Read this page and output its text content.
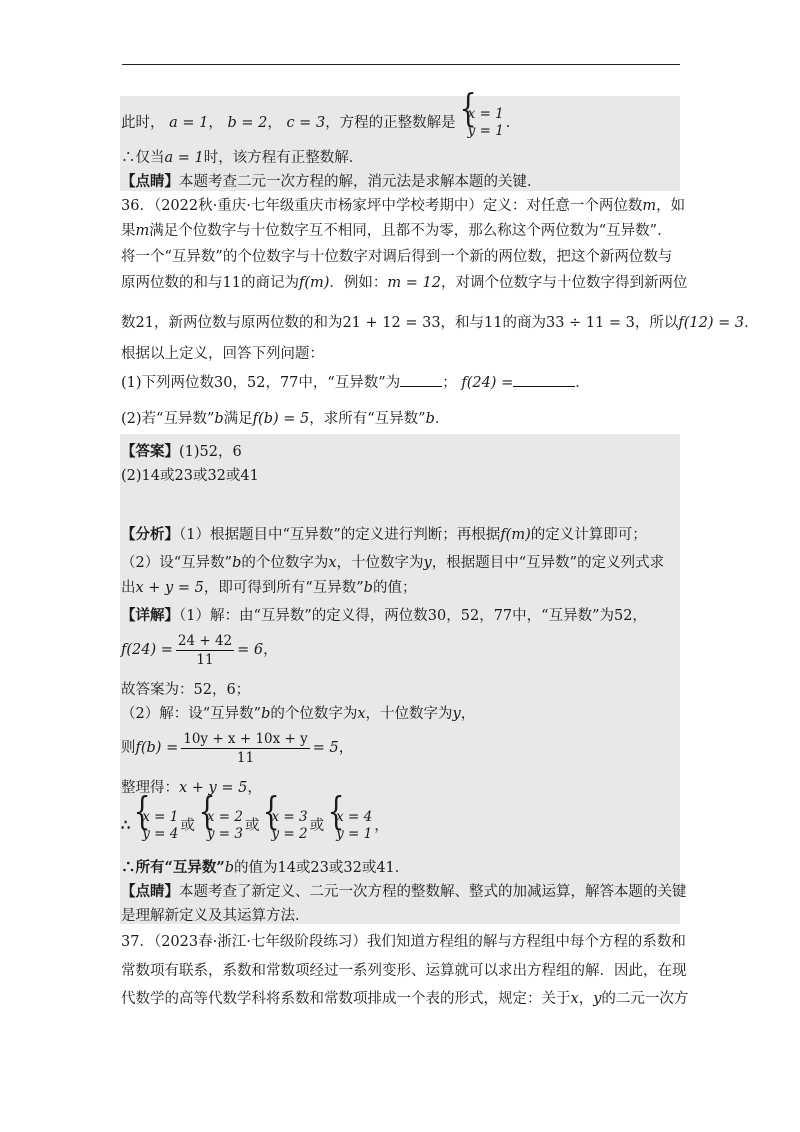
此时， a = 1， b = 2， c = 3，方程的正整数解是
{ x = 1
y = 1 .
∴仅当a = 1时，该方程有正整数解．
【点睛】本题考查二元一次方程的解，消元法是求解本题的关键．
36．（2022秋·重庆·七年级重庆市杨家坪中学校考期中）定义：对任意一个两位数m，如
果m满足个位数字与十位数字互不相同，且都不为零，那么称这个两位数为“互异数”．
将一个“互异数”的个位数字与十位数字对调后得到一个新的两位数，把这个新两位数与
原两位数的和与11的商记为f(m)．例如：m = 12，对调个位数字与十位数字得到新两位
数21，新两位数与原两位数的和为21 + 12 = 33，和与11的商为33 ÷ 11 = 3，所以f(12) = 3．
根据以上定义，回答下列问题：
(1)下列两位数30，52，77中，“互异数”为	； f(24) =	．
(2)若“互异数”b满足f(b) = 5，求所有“互异数”b．
【答案】(1)52，6
(2)14或23或32或41
【分析】（1）根据题目中“互异数”的定义进行判断；再根据f(m)的定义计算即可；
（2）设“互异数”b的个位数字为x，十位数字为y，根据题目中“互异数”的定义列式求
出x + y = 5，即可得到所有“互异数”b的值；
【详解】（1）解：由“互异数”的定义得，两位数30，52，77中，“互异数”为52，
$f(24) = \frac{24 + 42}{11} = 6$，
故答案为：52，6；
（2）解：设“互异数”b的个位数字为x，十位数字为y，
则$f(b) = \frac{10y + x + 10x + y}{11} = 5$，
整理得：x + y = 5，
∴
{ x = 1
y = 4 或
{ x = 2
y = 3 或
{ x = 3
y = 2 或
{ x = 4
y = 1 ，
∴所有“互异数”b的值为14或23或32或41．
【点睛】本题考查了新定义、二元一次方程的整数解、整式的加减运算，解答本题的关键
是理解新定义及其运算方法．
37．（2023春·浙江·七年级阶段练习）我们知道方程组的解与方程组中每个方程的系数和
常数项有联系，系数和常数项经过一系列变形、运算就可以求出方程组的解．因此，在现
代数学的高等代数学科将系数和常数项排成一个表的形式，规定：关于x，y的二元一次方
